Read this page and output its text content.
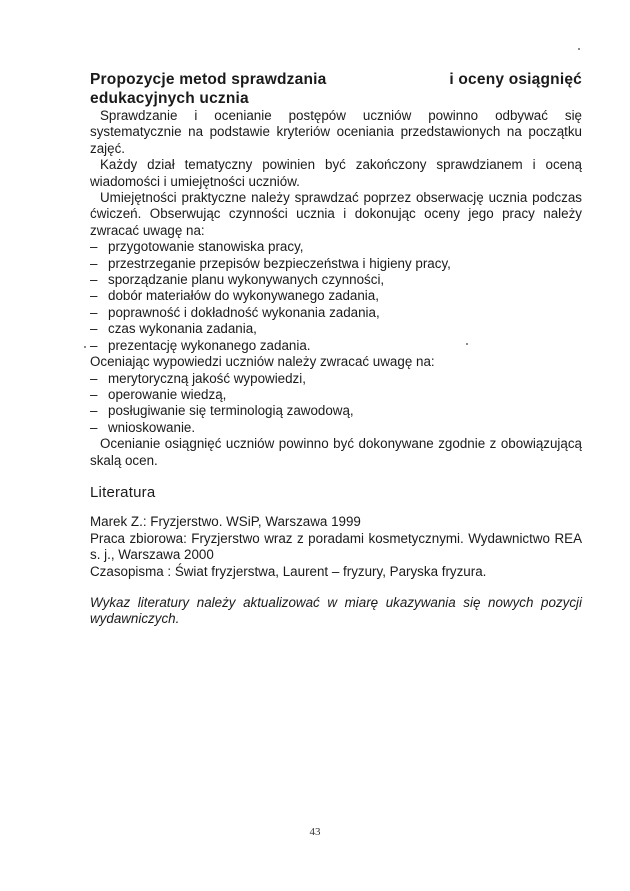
Propozycje metod sprawdzania	i oceny osiągnięć
edukacyjnych ucznia

Sprawdzanie i ocenianie postępów uczniów powinno odbywać się systematycznie na podstawie kryteriów oceniania przedstawionych na początku zajęć.

Każdy dział tematyczny powinien być zakończony sprawdzianem i oceną wiadomości i umiejętności uczniów.

Umiejętności praktyczne należy sprawdzać poprzez obserwację ucznia podczas ćwiczeń. Obserwując czynności ucznia i dokonując oceny jego pracy należy zwracać uwagę na:

– przygotowanie stanowiska pracy,
– przestrzeganie przepisów bezpieczeństwa i higieny pracy,
– sporządzanie planu wykonywanych czynności,
– dobór materiałów do wykonywanego zadania,
– poprawność i dokładność wykonania zadania,
– czas wykonania zadania,
– prezentację wykonanego zadania.

Oceniając wypowiedzi uczniów należy zwracać uwagę na:

– merytoryczną jakość wypowiedzi,
– operowanie wiedzą,
– posługiwanie się terminologią zawodową,
– wnioskowanie.

Ocenianie osiągnięć uczniów powinno być dokonywane zgodnie z obowiązującą skalą ocen.

Literatura
Marek Z.: Fryzjerstwo. WSiP, Warszawa 1999
Praca zbiorowa: Fryzjerstwo wraz z poradami kosmetycznymi. Wydawnictwo REA s. j., Warszawa 2000
Czasopisma : Świat fryzjerstwa, Laurent – fryzury, Paryska fryzura.

Wykaz literatury należy aktualizować w miarę ukazywania się nowych pozycji wydawniczych.

43
